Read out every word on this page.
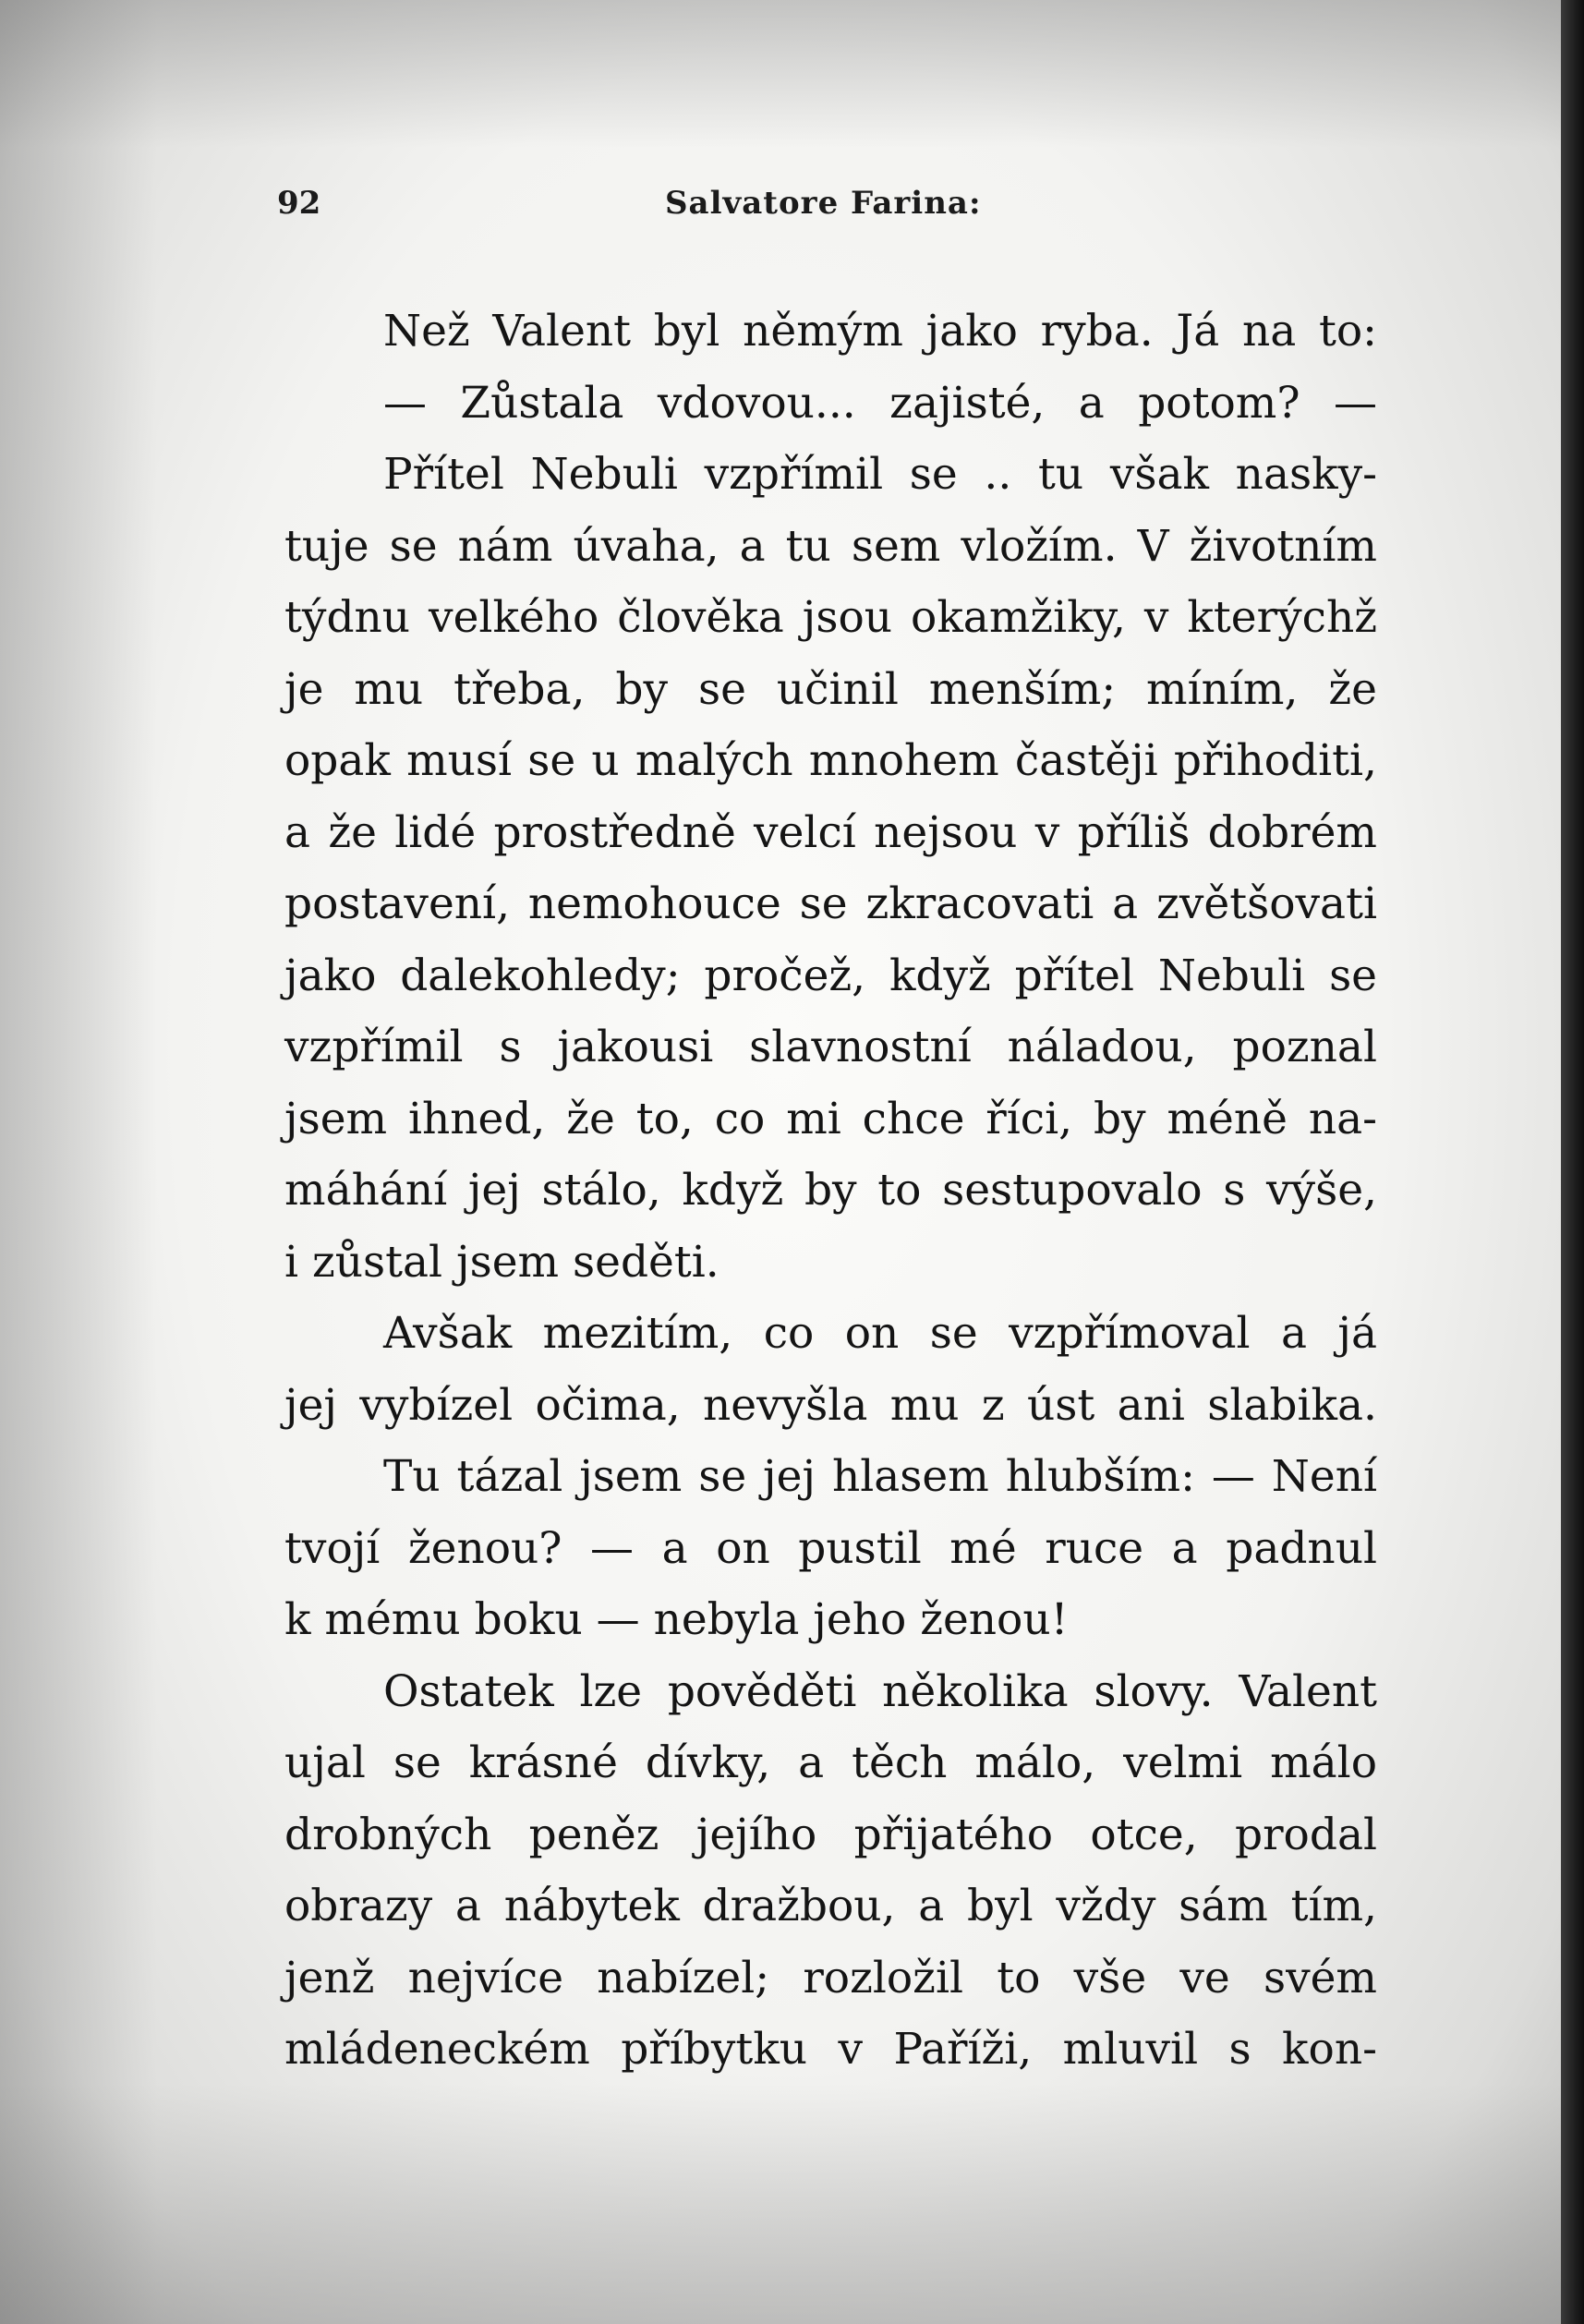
92	Salvatore Farina:
Než Valent byl němým jako ryba. Já na to:
— Zůstala vdovou... zajisté, a potom? —
Přítel Nebuli vzpřímil se .. tu však nasky-
tuje se nám úvaha, a tu sem vložím. V životním
týdnu velkého člověka jsou okamžiky, v kterýchž
je mu třeba, by se učinil menším; míním, že
opak musí se u malých mnohem častěji přihoditi,
a že lidé prostředně velcí nejsou v příliš dobrém
postavení, nemohouce se zkracovati a zvětšovati
jako dalekohledy; pročež, když přítel Nebuli se
vzpřímil s jakousi slavnostní náladou, poznal
jsem ihned, že to, co mi chce říci, by méně na-
máhání jej stálo, když by to sestupovalo s výše,
i zůstal jsem seděti.
Avšak mezitím, co on se vzpřímoval a já
jej vybízel očima, nevyšla mu z úst ani slabika.
Tu tázal jsem se jej hlasem hlubším: — Není
tvojí ženou? — a on pustil mé ruce a padnul
k mému boku — nebyla jeho ženou!
Ostatek lze pověděti několika slovy. Valent
ujal se krásné dívky, a těch málo, velmi málo
drobných peněz jejího přijatého otce, prodal
obrazy a nábytek dražbou, a byl vždy sám tím,
jenž nejvíce nabízel; rozložil to vše ve svém
mládeneckém příbytku v Paříži, mluvil s kon-
